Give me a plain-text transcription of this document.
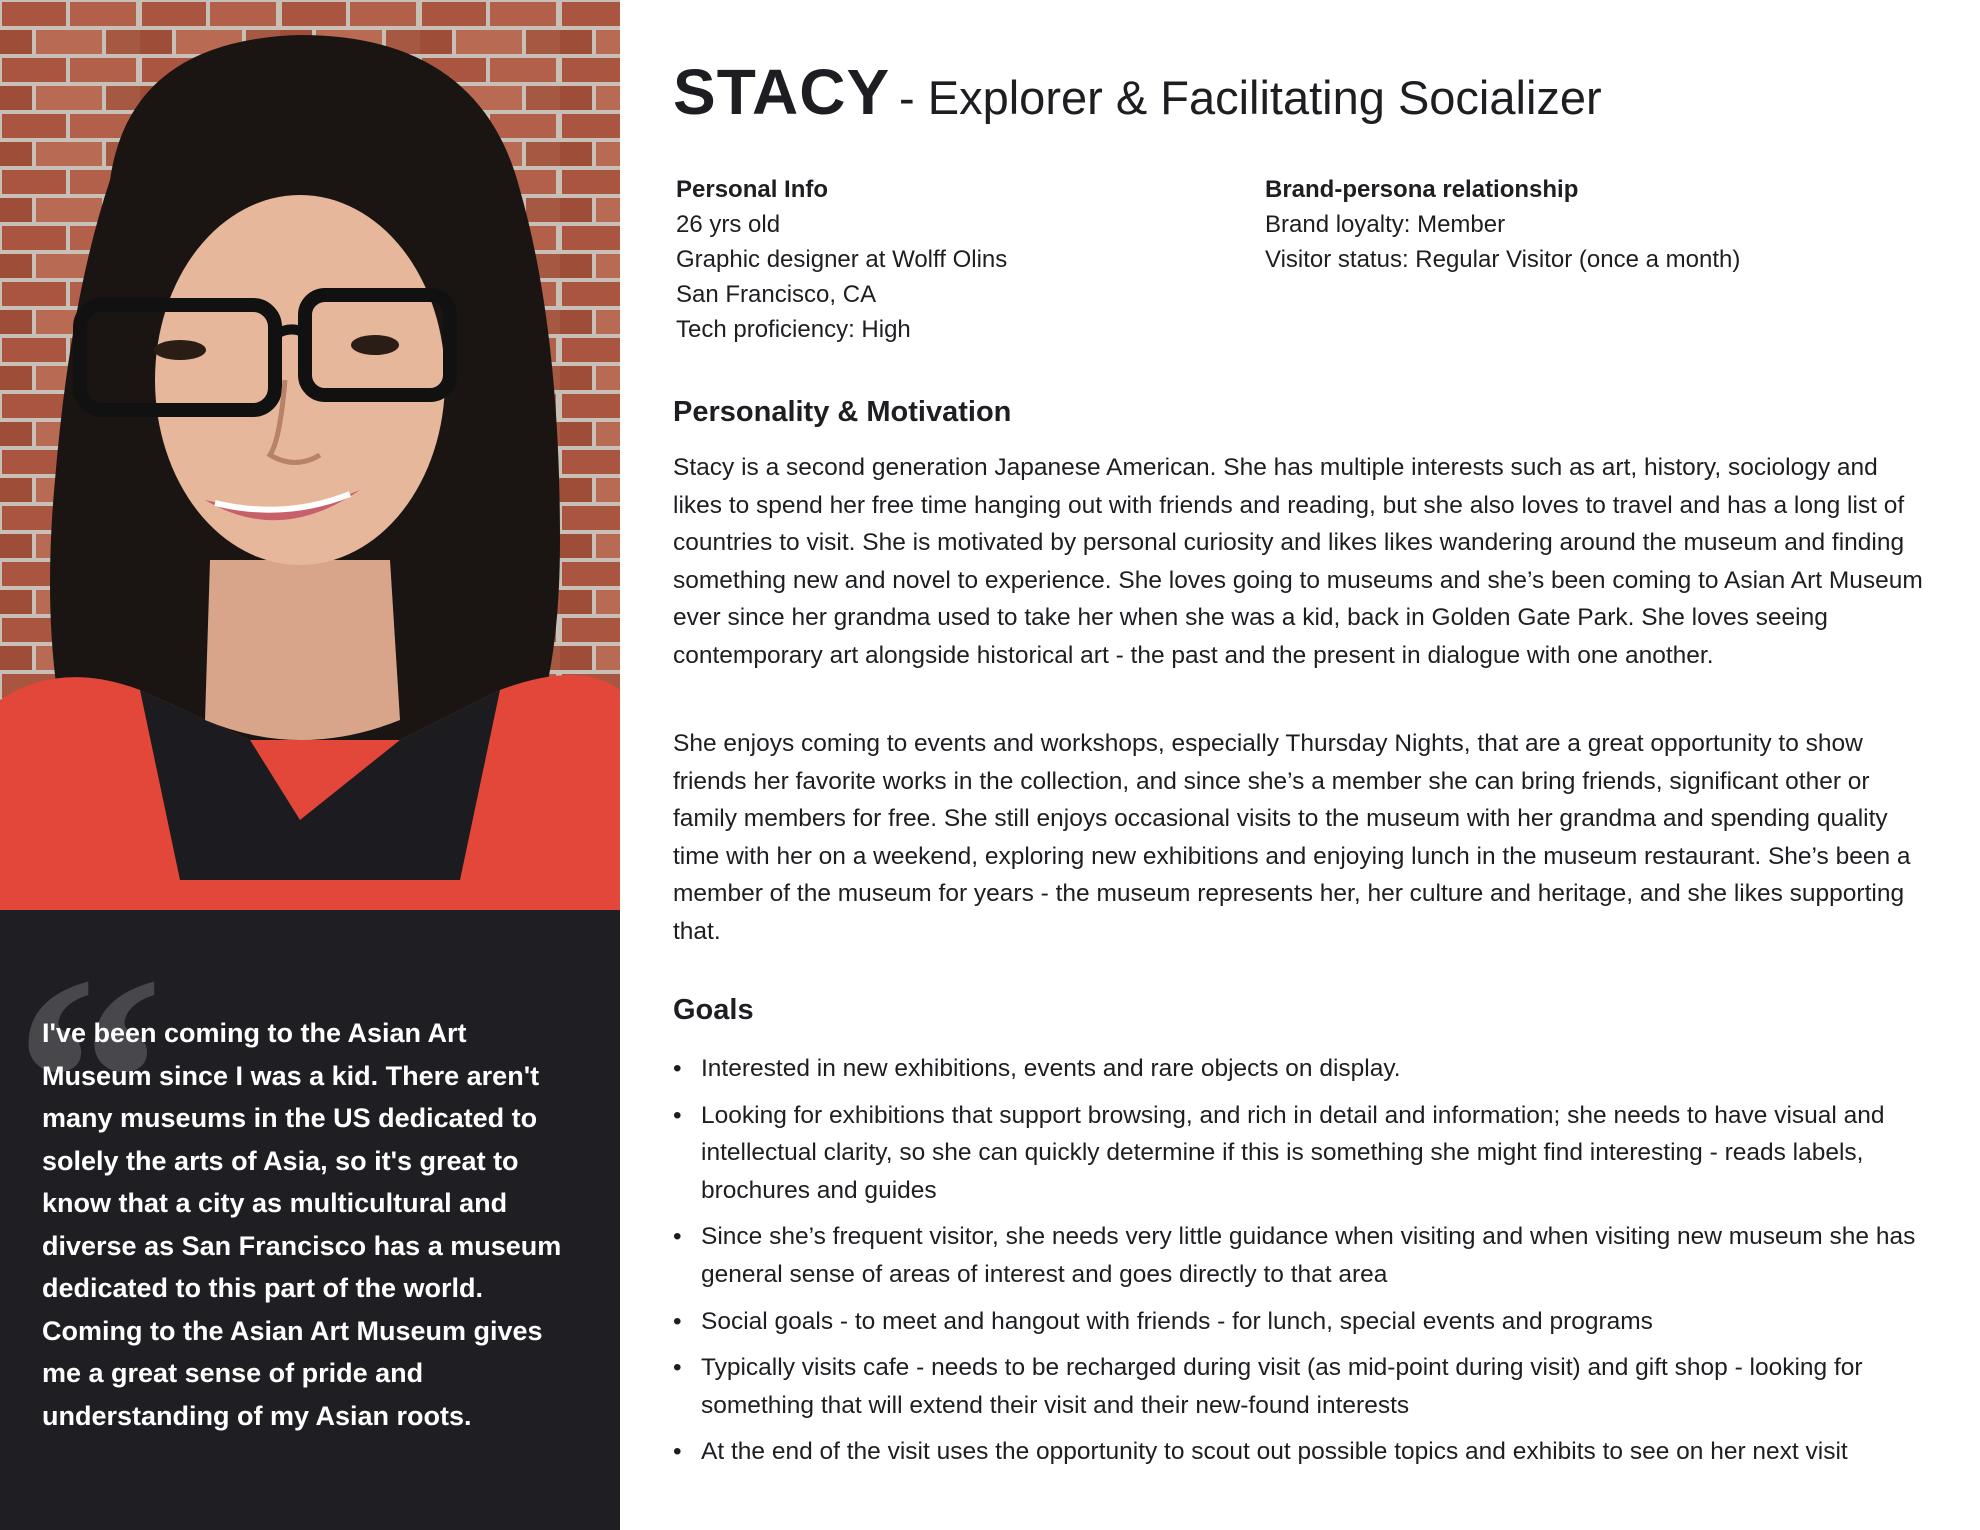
“

I've been coming to the Asian Art Museum since I was a kid. There aren't many museums in the US dedicated to solely the arts of Asia, so it's great to know that a city as multicultural and diverse as San Francisco has a museum dedicated to this part of the world. Coming to the Asian Art Museum gives me a great sense of pride and understanding of my Asian roots.

STACY - Explorer & Facilitating Socializer
Personal Info
26 yrs old
Graphic designer at Wolff Olins
San Francisco, CA
Tech proficiency: High
Brand-persona relationship
Brand loyalty: Member
Visitor status: Regular Visitor (once a month)
Personality & Motivation

Stacy is a second generation Japanese American. She has multiple interests such as art, history, sociology and likes to spend her free time hanging out with friends and reading, but she also loves to travel and has a long list of countries to visit. She is motivated by personal curiosity and likes likes wandering around the museum and finding something new and novel to experience. She loves going to museums and she’s been coming to Asian Art Museum ever since her grandma used to take her when she was a kid, back in Golden Gate Park. She loves seeing contemporary art alongside historical art - the past and the present in dialogue with one another.

She enjoys coming to events and workshops, especially Thursday Nights, that are a great opportunity to show friends her favorite works in the collection, and since she’s a member she can bring friends, significant other or family members for free. She still enjoys occasional visits to the museum with her grandma and spending quality time with her on a weekend, exploring new exhibitions and enjoying lunch in the museum restaurant. She’s been a member of the museum for years - the museum represents her, her culture and heritage, and she likes supporting that.

Goals
• Interested in new exhibitions, events and rare objects on display.
• Looking for exhibitions that support browsing, and rich in detail and information; she needs to have visual and intellectual clarity, so she can quickly determine if this is something she might find interesting - reads labels, brochures and guides
• Since she’s frequent visitor, she needs very little guidance when visiting and when visiting new museum she has general sense of areas of interest and goes directly to that area
• Social goals - to meet and hangout with friends - for lunch, special events and programs
• Typically visits cafe - needs to be recharged during visit (as mid-point during visit) and gift shop - looking for something that will extend their visit and their new-found interests
• At the end of the visit uses the opportunity to scout out possible topics and exhibits to see on her next visit
